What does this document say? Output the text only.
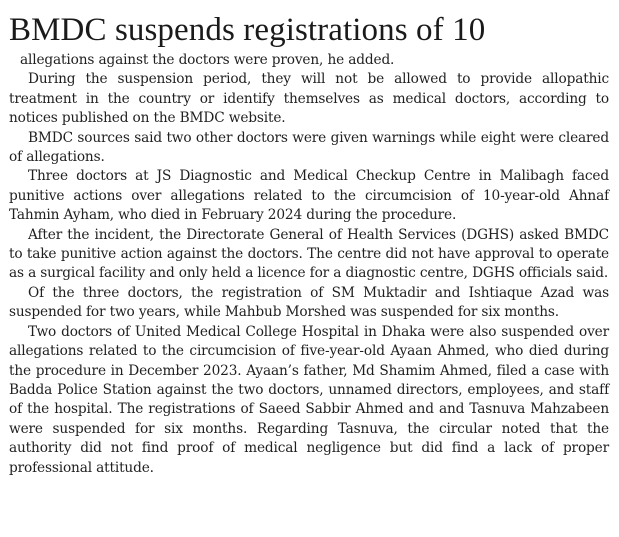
BMDC suspends registrations of 10

allegations against the doctors were proven, he added.

During the suspension period, they will not be allowed to provide allopathic treatment in the country or identify themselves as medical doctors, according to notices published on the BMDC website.

BMDC sources said two other doctors were given warnings while eight were cleared of allegations.

Three doctors at JS Diagnostic and Medical Checkup Centre in Malibagh faced punitive actions over allegations related to the circumcision of 10-year-old Ahnaf Tahmin Ayham, who died in February 2024 during the procedure.

After the incident, the Directorate General of Health Services (DGHS) asked BMDC to take punitive action against the doctors. The centre did not have approval to operate as a surgical facility and only held a licence for a diagnostic centre, DGHS officials said.

Of the three doctors, the registration of SM Muktadir and Ishtiaque Azad was suspended for two years, while Mahbub Morshed was suspended for six months.

Two doctors of United Medical College Hospital in Dhaka were also suspended over allegations related to the circumcision of five-year-old Ayaan Ahmed, who died during the procedure in December 2023. Ayaan’s father, Md Shamim Ahmed, filed a case with Badda Police Station against the two doctors, unnamed directors, employees, and staff of the hospital. The registrations of Saeed Sabbir Ahmed and and Tasnuva Mahzabeen were suspended for six months. Regarding Tasnuva, the circular noted that the authority did not find proof of medical negligence but did find a lack of proper professional attitude.
